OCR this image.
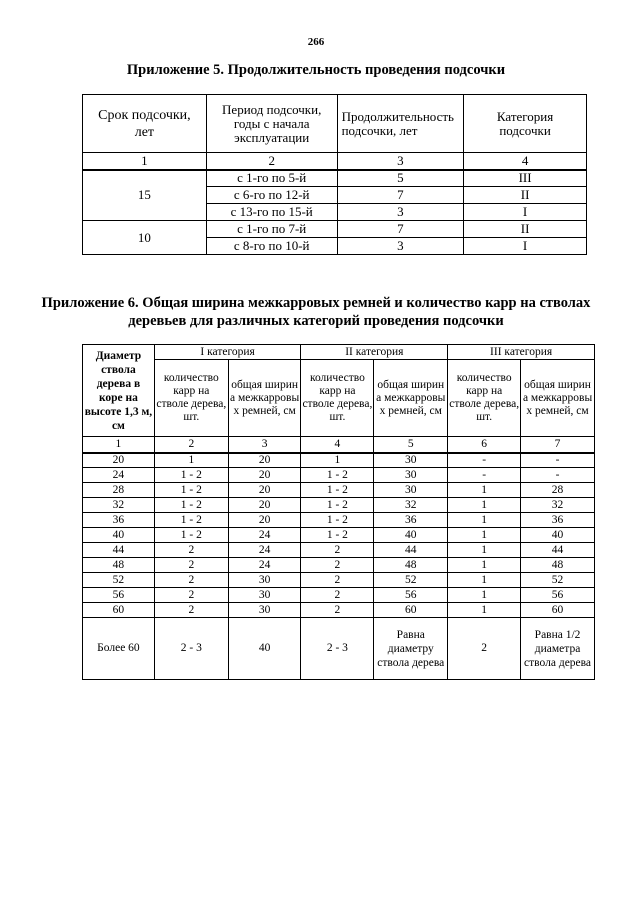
266
Приложение 5. Продолжительность проведения подсочки
Срок подсочки, лет	Период подсочки, годы с начала эксплуатации	Продолжительность подсочки, лет	Категория подсочки
1	2	3	4
15	с 1-го по 5-й	5	III
	с 6-го по 12-й	7	II
	с 13-го по 15-й	3	I
10	с 1-го по 7-й	7	II
	с 8-го по 10-й	3	I
Приложение 6. Общая ширина межкарровых ремней и количество карр на стволах деревьев для различных категорий проведения подсочки
Диаметр ствола дерева в коре на высоте 1,3 м, см	I категория		II категория		III категория	
	количество карр на стволе дерева, шт.	общая ширина межкарровых ремней, см	количество карр на стволе дерева, шт.	общая ширина межкарровых ремней, см	количество карр на стволе дерева, шт.	общая ширина межкарровых ремней, см
1	2	3	4	5	6	7
20	1	20	1	30	-	-
24	1 - 2	20	1 - 2	30	-	-
28	1 - 2	20	1 - 2	30	1	28
32	1 - 2	20	1 - 2	32	1	32
36	1 - 2	20	1 - 2	36	1	36
40	1 - 2	24	1 - 2	40	1	40
44	2	24	2	44	1	44
48	2	24	2	48	1	48
52	2	30	2	52	1	52
56	2	30	2	56	1	56
60	2	30	2	60	1	60
Более 60	2 - 3	40	2 - 3	Равна диаметру ствола дерева	2	Равна 1/2 диаметра ствола дерева
